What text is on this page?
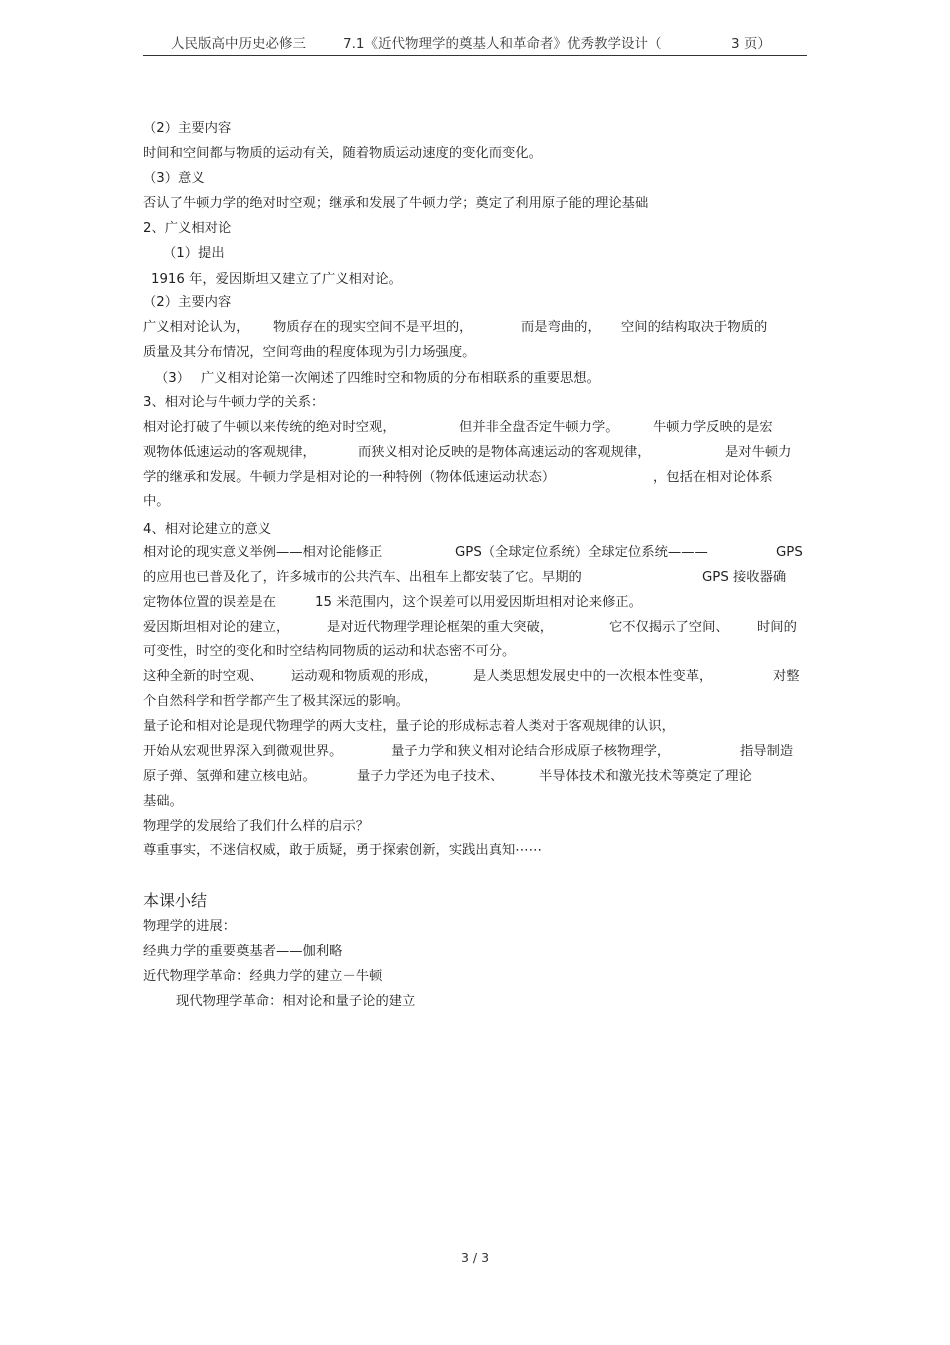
人民版高中历史必修三	7.1《近代物理学的奠基人和革命者》优秀教学设计（	3 页）
（2）主要内容
时间和空间都与物质的运动有关，随着物质运动速度的变化而变化。
（3）意义
否认了牛顿力学的绝对时空观；继承和发展了牛顿力学；奠定了利用原子能的理论基础
2、广义相对论
（1）提出
1916 年，爱因斯坦又建立了广义相对论。
（2）主要内容

广义相对论认为，

物质存在的现实空间不是平坦的，

	而是弯曲的，

空间的结构取决于物质的

质量及其分布情况，空间弯曲的程度体现为引力场强度。

（3）

广义相对论第一次阐述了四维时空和物质的分布相联系的重要思想。

3、相对论与牛顿力学的关系：

相对论打破了牛顿以来传统的绝对时空观，

	但并非全盘否定牛顿力学。

	牛顿力学反映的是宏

观物体低速运动的客观规律，

	而狭义相对论反映的是物体高速运动的客观规律，

	是对牛顿力

学的继承和发展。牛顿力学是相对论的一种特例（物体低速运动状态）

	，包括在相对论体系

中。
4、相对论建立的意义

相对论的现实意义举例——相对论能修正

	GPS（全球定位系统）全球定位系统———

	GPS

的应用也已普及化了，许多城市的公共汽车、出租车上都安装了它。早期的

	GPS 接收器确

定物体位置的误差是在

	15 米范围内，这个误差可以用爱因斯坦相对论来修正。

爱因斯坦相对论的建立，

	是对近代物理学理论框架的重大突破，

	它不仅揭示了空间、

时间的

可变性，时空的变化和时空结构同物质的运动和状态密不可分。

这种全新的时空观、

运动观和物质观的形成，

	是人类思想发展史中的一次根本性变革，

	对整

个自然科学和哲学都产生了极其深远的影响。
量子论和相对论是现代物理学的两大支柱，量子论的形成标志着人类对于客观规律的认识，

开始从宏观世界深入到微观世界。

	量子力学和狭义相对论结合形成原子核物理学，

	指导制造

原子弹、氢弹和建立核电站。

	量子力学还为电子技术、

	半导体技术和激光技术等奠定了理论

基础。
物理学的发展给了我们什么样的启示？
尊重事实，不迷信权威，敢于质疑，勇于探索创新，实践出真知⋯⋯
本课小结
物理学的进展：
经典力学的重要奠基者——伽利略
近代物理学革命：经典力学的建立－牛顿
现代物理学革命：相对论和量子论的建立
3 / 3
